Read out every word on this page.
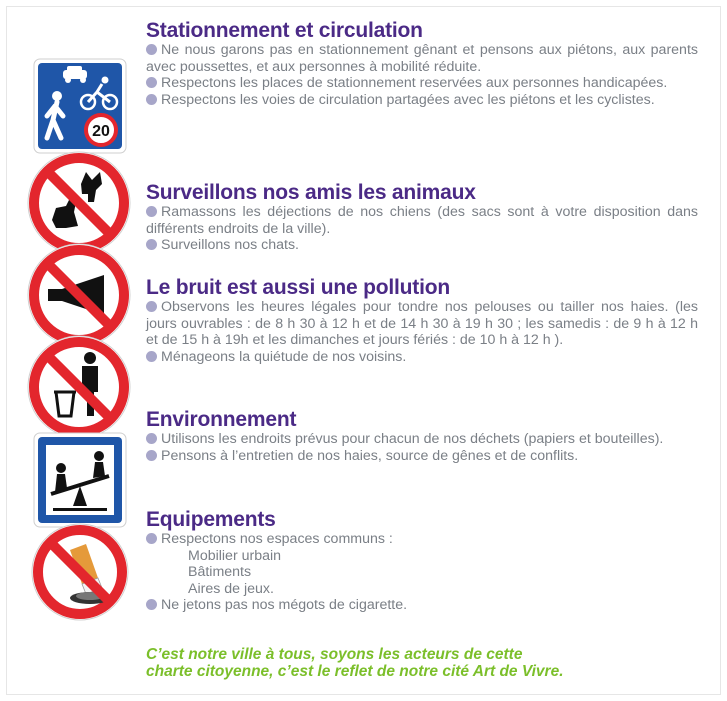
20
Stationnement et circulation

Ne nous garons pas en stationnement gênant et pensons aux piétons, aux parents avec poussettes, et aux personnes à mobilité réduite.

Respectons les places de stationnement reservées aux personnes handicapées.

Respectons les voies de circulation partagées avec les piétons et les cyclistes.

Surveillons nos amis les animaux

Ramassons les déjections de nos chiens (des sacs sont à votre disposition dans différents endroits de la ville).

Surveillons nos chats.

Le bruit est aussi une pollution

Observons les heures légales pour tondre nos pelouses ou tailler nos haies. (les jours ouvrables : de 8 h 30 à 12 h et de 14 h 30 à 19 h 30 ; les samedis : de 9 h à 12 h et de 15 h à 19h et les dimanches et jours fériés : de 10 h à 12 h ).

Ménageons la quiétude de nos voisins.

Environnement

Utilisons les endroits prévus pour chacun de nos déchets (papiers et bouteilles).

Pensons à l’entretien de nos haies, source de gênes et de conflits.

Equipements

Respectons nos espaces communs :

Mobilier urbain

Bâtiments

Aires de jeux.

Ne jetons pas nos mégots de cigarette.

C’est notre ville à tous, soyons les acteurs de cette
charte citoyenne, c’est le reflet de notre cité Art de Vivre.
